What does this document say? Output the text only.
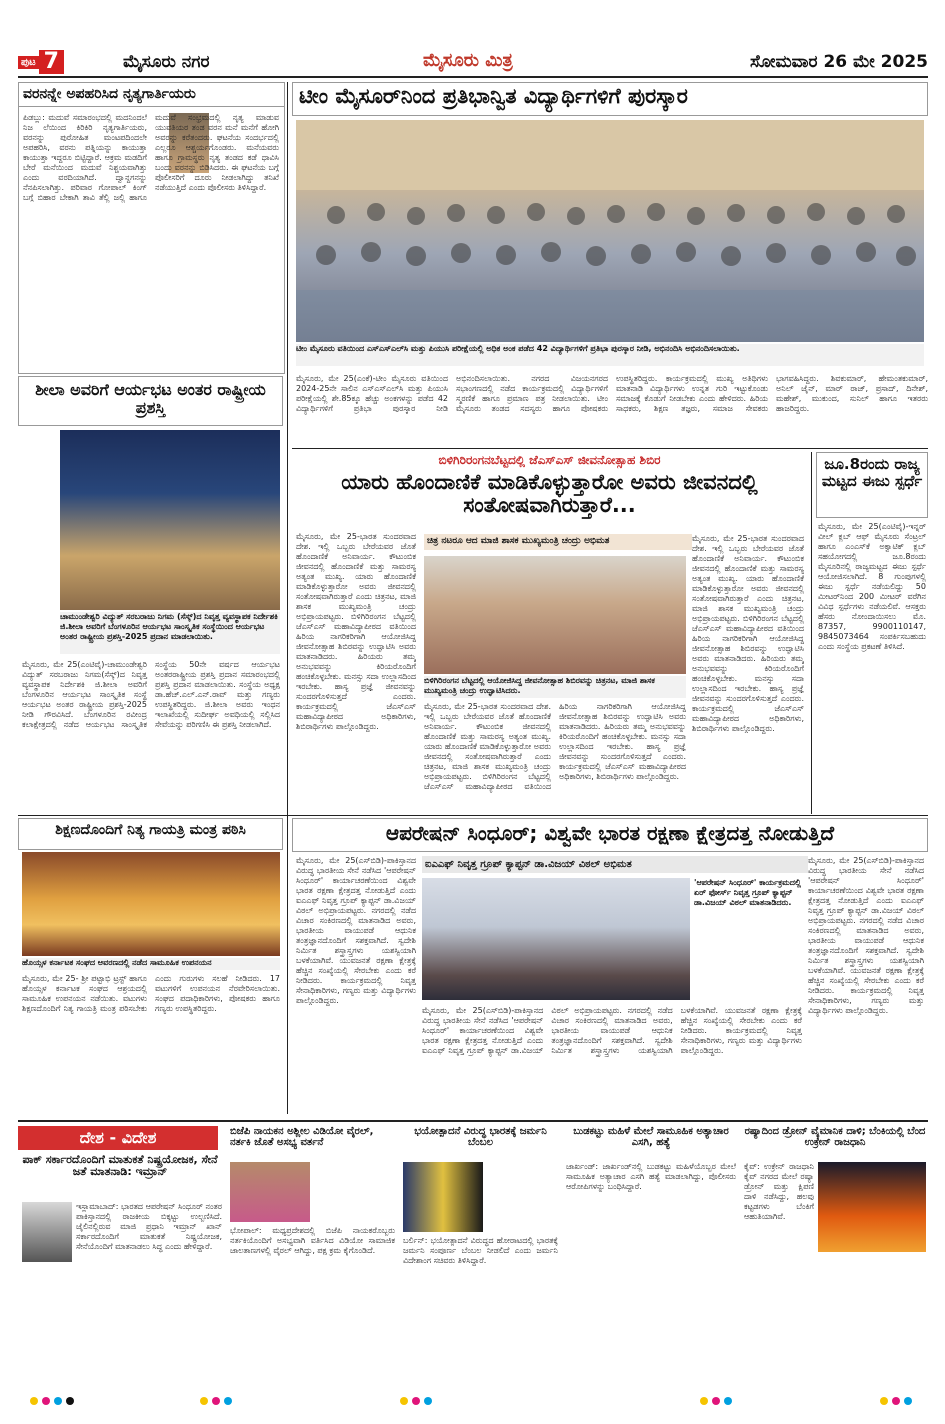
ಪುಟ 7	ಮೈಸೂರು ನಗರ	ಮೈಸೂರು ಮಿತ್ರ	ಸೋಮವಾರ 26 ಮೇ 2025
ವರನನ್ನೇ ಅಪಹರಿಸಿದ ನೃತ್ಯಗಾರ್ತಿಯರು
ಪಿಡಬ್ಲು: ಮದುವೆ ಸಮಾರಂಭದಲ್ಲಿ ಮದನಿಂದಲೆ ನಿಜ ಲೆಯಿಂದ ಕಿರಿಕಿರಿ ನೃತ್ಯಗಾರ್ತಿಯರು, ವರನನ್ನು ಪುರೋಹಿತ ಮಂಟಪದಿಂದಲೇ ಅಪಹರಿಸಿ, ವರನು ಪತ್ನಿಯನ್ನು ಕಾಯುತ್ತಾ ಕಾಯುತ್ತಾ ಇದ್ದರೂ ಬಿಟ್ಟಿದ್ದಾರೆ. ಆಕ್ರಮ ಮಡದಿಗೆ ಬೇರೆ ಮನೆಯಿಂದ ಮದುವೆ ನಿಶ್ಚಯವಾಗಿತ್ತು ಎಂದು ವರದಿಯಾಗಿದೆ. ದ್ವಾನ್ದಗನನ್ನು ನೆನಪಿಸಲಾಗಿತ್ತು. ಪರಿವಾರ ಗೋಪಾಲ್‌ ಕಿಂಗ್‌ ಬಗ್ಗೆ ಬಿಹಾರ ಬೇಕಾಗಿ ತಾವಿ ತೆಲ್ಲಿ ಜಲ್ಲಿ ಹಾಗೂ ಮದುವೆ ಸಂಭ್ರಮದಲ್ಲಿ ನೃತ್ಯ ಮಾಡುವ ಯುವತಿಯರ ತಂಡ ವರನ ಮನೆ ಮನೆಗೆ ಹೋಗಿ ಅವರನ್ನು ಕರೆತಂದರು. ಘಟನೆಯ ಸಂದರ್ಭದಲ್ಲಿ ಎಲ್ಲರೂ ಆಶ್ಚರ್ಯಗೊಂಡರು. ಮನೆಯವರು ಹಾಗೂ ಗ್ರಾಮಸ್ಥರು ನೃತ್ಯ ತಂಡದ ಕಡೆ ಧಾವಿಸಿ ಬಂದು ವರನನ್ನು ಬಿಡಿಸಿದರು. ಈ ಘಟನೆಯ ಬಗ್ಗೆ ಪೊಲೀಸರಿಗೆ ದೂರು ನೀಡಲಾಗಿದ್ದು ತನಿಖೆ ನಡೆಯುತ್ತಿದೆ ಎಂದು ಪೊಲೀಸರು ತಿಳಿಸಿದ್ದಾರೆ.
ಟೀಂ ಮೈಸೂರ್‌ನಿಂದ ಪ್ರತಿಭಾನ್ವಿತ ವಿದ್ಯಾರ್ಥಿಗಳಿಗೆ ಪುರಸ್ಕಾರ
ಟೀಂ ಮೈಸೂರು ವತಿಯಿಂದ ಎಸ್‌ಎಸ್‌ಎಲ್‌ಸಿ ಮತ್ತು ಪಿಯುಸಿ ಪರೀಕ್ಷೆಯಲ್ಲಿ ಅಧಿಕ ಅಂಕ ಪಡೆದ 42 ವಿದ್ಯಾರ್ಥಿಗಳಿಗೆ ಪ್ರತಿಭಾ ಪುರಸ್ಕಾರ ನೀಡಿ, ಅಭಿನಂದಿಸಿ ಅಭಿನಂದಿಸಲಾಯಿತು.
ಮೈಸೂರು, ಮೇ 25(ಎಂಕೆ)-ಟೀಂ ಮೈಸೂರು ವತಿಯಿಂದ 2024-25ನೇ ಸಾಲಿನ ಎಸ್‌ಎಸ್‌ಎಲ್‌ಸಿ ಮತ್ತು ಪಿಯುಸಿ ಪರೀಕ್ಷೆಯಲ್ಲಿ ಶೇ.85ಕ್ಕೂ ಹೆಚ್ಚು ಅಂಕಗಳನ್ನು ಪಡೆದ 42 ವಿದ್ಯಾರ್ಥಿಗಳಿಗೆ ಪ್ರತಿಭಾ ಪುರಸ್ಕಾರ ನೀಡಿ ಅಭಿನಂದಿಸಲಾಯಿತು. ನಗರದ ವಿಜಯನಗರದ ಸಭಾಂಗಣದಲ್ಲಿ ನಡೆದ ಕಾರ್ಯಕ್ರಮದಲ್ಲಿ ವಿದ್ಯಾರ್ಥಿಗಳಿಗೆ ಸ್ಮರಣಿಕೆ ಹಾಗೂ ಪ್ರಮಾಣ ಪತ್ರ ನೀಡಲಾಯಿತು. ಟೀಂ ಮೈಸೂರು ತಂಡದ ಸದಸ್ಯರು ಹಾಗೂ ಪೋಷಕರು ಉಪಸ್ಥಿತರಿದ್ದರು. ಕಾರ್ಯಕ್ರಮದಲ್ಲಿ ಮುಖ್ಯ ಅತಿಥಿಗಳು ಮಾತನಾಡಿ ವಿದ್ಯಾರ್ಥಿಗಳು ಉನ್ನತ ಗುರಿ ಇಟ್ಟುಕೊಂಡು ಸಮಾಜಕ್ಕೆ ಕೊಡುಗೆ ನೀಡಬೇಕು ಎಂದು ಹೇಳಿದರು. ಹಿರಿಯ ಸಾಧಕರು, ಶಿಕ್ಷಣ ತಜ್ಞರು, ಸಮಾಜ ಸೇವಕರು ಭಾಗವಹಿಸಿದ್ದರು. ಶಿವಕುಮಾರ್‌, ಹೇಮಂತಕುಮಾರ್‌, ಅನಿಲ್‌ ಜೈನ್‌, ಮಾರ್‌ ರಾಜ್‌, ಪ್ರಸಾದ್‌, ದಿನೇಶ್‌, ಮಹೇಶ್‌, ಮುಕುಂದ, ಸುನಿಲ್‌ ಹಾಗೂ ಇತರರು ಹಾಜರಿದ್ದರು.
ಶೀಲಾ ಅವರಿಗೆ ಆರ್ಯಭಟ ಅಂತರ ರಾಷ್ಟ್ರೀಯ ಪ್ರಶಸ್ತಿ
ಚಾಮುಂಡೇಶ್ವರಿ ವಿದ್ಯುತ್‌ ಸರಬರಾಜು ನಿಗಮ (ಸೆಸ್ಕ್‌)ದ ನಿವೃತ್ತ ವ್ಯವಸ್ಥಾಪಕ ನಿರ್ದೇಶಕಿ ಜಿ.ಶೀಲಾ ಅವರಿಗೆ ಬೆಂಗಳೂರಿನ ಆರ್ಯಭಟ ಸಾಂಸ್ಕೃತಿಕ ಸಂಸ್ಥೆಯಿಂದ ಆರ್ಯಭಟ ಅಂತರ ರಾಷ್ಟ್ರೀಯ ಪ್ರಶಸ್ತಿ-2025 ಪ್ರದಾನ ಮಾಡಲಾಯಿತು.
ಮೈಸೂರು, ಮೇ 25(ಎಂಟಿವೈ)-ಚಾಮುಂಡೇಶ್ವರಿ ವಿದ್ಯುತ್‌ ಸರಬರಾಜು ನಿಗಮ(ಸೆಸ್ಕ್‌)ದ ನಿವೃತ್ತ ವ್ಯವಸ್ಥಾಪಕ ನಿರ್ದೇಶಕಿ ಜಿ.ಶೀಲಾ ಅವರಿಗೆ ಬೆಂಗಳೂರಿನ ಆರ್ಯಭಟ ಸಾಂಸ್ಕೃತಿಕ ಸಂಸ್ಥೆ ಆರ್ಯಭಟ ಅಂತರ ರಾಷ್ಟ್ರೀಯ ಪ್ರಶಸ್ತಿ-2025 ನೀಡಿ ಗೌರವಿಸಿದೆ. ಬೆಂಗಳೂರಿನ ರವೀಂದ್ರ ಕಲಾಕ್ಷೇತ್ರದಲ್ಲಿ ನಡೆದ ಆರ್ಯಭಟ ಸಾಂಸ್ಕೃತಿಕ ಸಂಸ್ಥೆಯ 50ನೇ ವರ್ಷದ ಆರ್ಯಭಟ ಅಂತರರಾಷ್ಟ್ರೀಯ ಪ್ರಶಸ್ತಿ ಪ್ರದಾನ ಸಮಾರಂಭದಲ್ಲಿ ಪ್ರಶಸ್ತಿ ಪ್ರದಾನ ಮಾಡಲಾಯಿತು. ಸಂಸ್ಥೆಯ ಅಧ್ಯಕ್ಷ ಡಾ.ಹೆಚ್‌.ಎಲ್‌.ಎನ್‌.ರಾವ್‌ ಮತ್ತು ಗಣ್ಯರು ಉಪಸ್ಥಿತರಿದ್ದರು. ಜಿ.ಶೀಲಾ ಅವರು ಇಂಧನ ಇಲಾಖೆಯಲ್ಲಿ ಸುದೀರ್ಘ ಅವಧಿಯಲ್ಲಿ ಸಲ್ಲಿಸಿದ ಸೇವೆಯನ್ನು ಪರಿಗಣಿಸಿ ಈ ಪ್ರಶಸ್ತಿ ನೀಡಲಾಗಿದೆ.
ಬಿಳಿಗಿರಿರಂಗನಬೆಟ್ಟದಲ್ಲಿ ಜೆಎಸ್‌ಎಸ್‌ ಜೀವನೋತ್ಸಾಹ ಶಿಬಿರ
ಯಾರು ಹೊಂದಾಣಿಕೆ ಮಾಡಿಕೊಳ್ಳುತ್ತಾರೋ ಅವರು ಜೀವನದಲ್ಲಿ ಸಂತೋಷವಾಗಿರುತ್ತಾರೆ...
ಮೈಸೂರು, ಮೇ 25-ಭಾರತ ಸುಂದರವಾದ ದೇಶ. ಇಲ್ಲಿ ಒಬ್ಬರು ಬೇರೆಯವರ ಜೊತೆ ಹೊಂದಾಣಿಕೆ ಅನಿವಾರ್ಯ. ಕೌಟುಂಬಿಕ ಜೀವನದಲ್ಲಿ ಹೊಂದಾಣಿಕೆ ಮತ್ತು ಸಾಮರಸ್ಯ ಅತ್ಯಂತ ಮುಖ್ಯ. ಯಾರು ಹೊಂದಾಣಿಕೆ ಮಾಡಿಕೊಳ್ಳುತ್ತಾರೋ ಅವರು ಜೀವನದಲ್ಲಿ ಸಂತೋಷವಾಗಿರುತ್ತಾರೆ ಎಂದು ಚಿತ್ರನಟ, ಮಾಜಿ ಶಾಸಕ ಮುಖ್ಯಮಂತ್ರಿ ಚಂದ್ರು ಅಭಿಪ್ರಾಯಪಟ್ಟರು. ಬಿಳಿಗಿರಿರಂಗನ ಬೆಟ್ಟದಲ್ಲಿ ಜೆಎಸ್‌ಎಸ್‌ ಮಹಾವಿದ್ಯಾಪೀಠದ ವತಿಯಿಂದ ಹಿರಿಯ ನಾಗರಿಕರಿಗಾಗಿ ಆಯೋಜಿಸಿದ್ದ ಜೀವನೋತ್ಸಾಹ ಶಿಬಿರವನ್ನು ಉದ್ಘಾಟಿಸಿ ಅವರು ಮಾತನಾಡಿದರು. ಹಿರಿಯರು ತಮ್ಮ ಅನುಭವವನ್ನು ಕಿರಿಯರೊಂದಿಗೆ ಹಂಚಿಕೊಳ್ಳಬೇಕು. ಮನಸ್ಸು ಸದಾ ಉಲ್ಲಾಸದಿಂದ ಇರಬೇಕು. ಹಾಸ್ಯ ಪ್ರಜ್ಞೆ ಜೀವನವನ್ನು ಸುಂದರಗೊಳಿಸುತ್ತದೆ ಎಂದರು. ಕಾರ್ಯಕ್ರಮದಲ್ಲಿ ಜೆಎಸ್‌ಎಸ್‌ ಮಹಾವಿದ್ಯಾಪೀಠದ ಅಧಿಕಾರಿಗಳು, ಶಿಬಿರಾರ್ಥಿಗಳು ಪಾಲ್ಗೊಂಡಿದ್ದರು.
ಚಿತ್ರ ನಟರೂ ಆದ ಮಾಜಿ ಶಾಸಕ ಮುಖ್ಯಮಂತ್ರಿ ಚಂದ್ರು ಅಭಿಮತ
ಬಿಳಿಗಿರಿರಂಗನ ಬೆಟ್ಟದಲ್ಲಿ ಆಯೋಜಿಸಿದ್ದ ಜೀವನೋತ್ಸಾಹ ಶಿಬಿರವನ್ನು ಚಿತ್ರನಟ, ಮಾಜಿ ಶಾಸಕ ಮುಖ್ಯಮಂತ್ರಿ ಚಂದ್ರು ಉದ್ಘಾಟಿಸಿದರು.
ಮೈಸೂರು, ಮೇ 25-ಭಾರತ ಸುಂದರವಾದ ದೇಶ. ಇಲ್ಲಿ ಒಬ್ಬರು ಬೇರೆಯವರ ಜೊತೆ ಹೊಂದಾಣಿಕೆ ಅನಿವಾರ್ಯ. ಕೌಟುಂಬಿಕ ಜೀವನದಲ್ಲಿ ಹೊಂದಾಣಿಕೆ ಮತ್ತು ಸಾಮರಸ್ಯ ಅತ್ಯಂತ ಮುಖ್ಯ. ಯಾರು ಹೊಂದಾಣಿಕೆ ಮಾಡಿಕೊಳ್ಳುತ್ತಾರೋ ಅವರು ಜೀವನದಲ್ಲಿ ಸಂತೋಷವಾಗಿರುತ್ತಾರೆ ಎಂದು ಚಿತ್ರನಟ, ಮಾಜಿ ಶಾಸಕ ಮುಖ್ಯಮಂತ್ರಿ ಚಂದ್ರು ಅಭಿಪ್ರಾಯಪಟ್ಟರು. ಬಿಳಿಗಿರಿರಂಗನ ಬೆಟ್ಟದಲ್ಲಿ ಜೆಎಸ್‌ಎಸ್‌ ಮಹಾವಿದ್ಯಾಪೀಠದ ವತಿಯಿಂದ ಹಿರಿಯ ನಾಗರಿಕರಿಗಾಗಿ ಆಯೋಜಿಸಿದ್ದ ಜೀವನೋತ್ಸಾಹ ಶಿಬಿರವನ್ನು ಉದ್ಘಾಟಿಸಿ ಅವರು ಮಾತನಾಡಿದರು. ಹಿರಿಯರು ತಮ್ಮ ಅನುಭವವನ್ನು ಕಿರಿಯರೊಂದಿಗೆ ಹಂಚಿಕೊಳ್ಳಬೇಕು. ಮನಸ್ಸು ಸದಾ ಉಲ್ಲಾಸದಿಂದ ಇರಬೇಕು. ಹಾಸ್ಯ ಪ್ರಜ್ಞೆ ಜೀವನವನ್ನು ಸುಂದರಗೊಳಿಸುತ್ತದೆ ಎಂದರು. ಕಾರ್ಯಕ್ರಮದಲ್ಲಿ ಜೆಎಸ್‌ಎಸ್‌ ಮಹಾವಿದ್ಯಾಪೀಠದ ಅಧಿಕಾರಿಗಳು, ಶಿಬಿರಾರ್ಥಿಗಳು ಪಾಲ್ಗೊಂಡಿದ್ದರು.
ಮೈಸೂರು, ಮೇ 25-ಭಾರತ ಸುಂದರವಾದ ದೇಶ. ಇಲ್ಲಿ ಒಬ್ಬರು ಬೇರೆಯವರ ಜೊತೆ ಹೊಂದಾಣಿಕೆ ಅನಿವಾರ್ಯ. ಕೌಟುಂಬಿಕ ಜೀವನದಲ್ಲಿ ಹೊಂದಾಣಿಕೆ ಮತ್ತು ಸಾಮರಸ್ಯ ಅತ್ಯಂತ ಮುಖ್ಯ. ಯಾರು ಹೊಂದಾಣಿಕೆ ಮಾಡಿಕೊಳ್ಳುತ್ತಾರೋ ಅವರು ಜೀವನದಲ್ಲಿ ಸಂತೋಷವಾಗಿರುತ್ತಾರೆ ಎಂದು ಚಿತ್ರನಟ, ಮಾಜಿ ಶಾಸಕ ಮುಖ್ಯಮಂತ್ರಿ ಚಂದ್ರು ಅಭಿಪ್ರಾಯಪಟ್ಟರು. ಬಿಳಿಗಿರಿರಂಗನ ಬೆಟ್ಟದಲ್ಲಿ ಜೆಎಸ್‌ಎಸ್‌ ಮಹಾವಿದ್ಯಾಪೀಠದ ವತಿಯಿಂದ ಹಿರಿಯ ನಾಗರಿಕರಿಗಾಗಿ ಆಯೋಜಿಸಿದ್ದ ಜೀವನೋತ್ಸಾಹ ಶಿಬಿರವನ್ನು ಉದ್ಘಾಟಿಸಿ ಅವರು ಮಾತನಾಡಿದರು. ಹಿರಿಯರು ತಮ್ಮ ಅನುಭವವನ್ನು ಕಿರಿಯರೊಂದಿಗೆ ಹಂಚಿಕೊಳ್ಳಬೇಕು. ಮನಸ್ಸು ಸದಾ ಉಲ್ಲಾಸದಿಂದ ಇರಬೇಕು. ಹಾಸ್ಯ ಪ್ರಜ್ಞೆ ಜೀವನವನ್ನು ಸುಂದರಗೊಳಿಸುತ್ತದೆ ಎಂದರು. ಕಾರ್ಯಕ್ರಮದಲ್ಲಿ ಜೆಎಸ್‌ಎಸ್‌ ಮಹಾವಿದ್ಯಾಪೀಠದ ಅಧಿಕಾರಿಗಳು, ಶಿಬಿರಾರ್ಥಿಗಳು ಪಾಲ್ಗೊಂಡಿದ್ದರು.
ಜೂ.8ರಂದು ರಾಜ್ಯ ಮಟ್ಟದ ಈಜು ಸ್ಪರ್ಧೆ
ಮೈಸೂರು, ಮೇ 25(ಎಂಟಿವೈ)-ಇನ್ನರ್‌ ವೀಲ್‌ ಕ್ಲಬ್‌ ಆಫ್‌ ಮೈಸೂರು ಸೆಂಟ್ರಲ್‌ ಹಾಗೂ ಎಂಎಸ್‌ಕೆ ಅಕ್ವಾಟಿಕ್‌ ಕ್ಲಬ್‌ ಸಹಯೋಗದಲ್ಲಿ ಜೂ.8ರಂದು ಮೈಸೂರಿನಲ್ಲಿ ರಾಜ್ಯಮಟ್ಟದ ಈಜು ಸ್ಪರ್ಧೆ ಆಯೋಜಿಸಲಾಗಿದೆ. 8 ಗುಂಪುಗಳಲ್ಲಿ ಈಜು ಸ್ಪರ್ಧೆ ನಡೆಯಲಿದ್ದು 50 ಮೀಟರ್‌ನಿಂದ 200 ಮೀಟರ್‌ ವರೆಗಿನ ವಿವಿಧ ಸ್ಪರ್ಧೆಗಳು ನಡೆಯಲಿವೆ. ಆಸಕ್ತರು ಹೆಸರು ನೋಂದಾಯಿಸಲು ಮೊ. 87357, 9900110147, 9845073464 ಸಂಪರ್ಕಿಸಬಹುದು ಎಂದು ಸಂಸ್ಥೆಯ ಪ್ರಕಟಣೆ ತಿಳಿಸಿದೆ.
ಶಿಕ್ಷಣದೊಂದಿಗೆ ನಿತ್ಯ ಗಾಯತ್ರಿ ಮಂತ್ರ ಪಠಿಸಿ
ಹೊಯ್ಸಳ ಕರ್ನಾಟಕ ಸಂಘದ ಆವರಣದಲ್ಲಿ ನಡೆದ ಸಾಮೂಹಿಕ ಉಪನಯನ
ಮೈಸೂರು, ಮೇ 25- ಶ್ರೀ ಪಟ್ಟಾಭಿ ಟ್ರಸ್ಟ್‌ ಹಾಗೂ ಹೊಯ್ಸಳ ಕರ್ನಾಟಕ ಸಂಘದ ಆಶ್ರಯದಲ್ಲಿ ಸಾಮೂಹಿಕ ಉಪನಯನ ನಡೆಯಿತು. ವಟುಗಳು ಶಿಕ್ಷಣದೊಂದಿಗೆ ನಿತ್ಯ ಗಾಯತ್ರಿ ಮಂತ್ರ ಪಠಿಸಬೇಕು ಎಂದು ಗುರುಗಳು ಸಲಹೆ ನೀಡಿದರು. 17 ವಟುಗಳಿಗೆ ಉಪನಯನ ನೆರವೇರಿಸಲಾಯಿತು. ಸಂಘದ ಪದಾಧಿಕಾರಿಗಳು, ಪೋಷಕರು ಹಾಗೂ ಗಣ್ಯರು ಉಪಸ್ಥಿತರಿದ್ದರು.
ಆಪರೇಷನ್‌ ಸಿಂಧೂರ್‌; ವಿಶ್ವವೇ ಭಾರತ ರಕ್ಷಣಾ ಕ್ಷೇತ್ರದತ್ತ ನೋಡುತ್ತಿದೆ
ಮೈಸೂರು, ಮೇ 25(ಎಸ್‌ಬಿಡಿ)-ಪಾಕಿಸ್ತಾನದ ವಿರುದ್ಧ ಭಾರತೀಯ ಸೇನೆ ನಡೆಸಿದ 'ಆಪರೇಷನ್‌ ಸಿಂಧೂರ್‌' ಕಾರ್ಯಾಚರಣೆಯಿಂದ ವಿಶ್ವವೇ ಭಾರತ ರಕ್ಷಣಾ ಕ್ಷೇತ್ರದತ್ತ ನೋಡುತ್ತಿದೆ ಎಂದು ಐಎಎಫ್‌ ನಿವೃತ್ತ ಗ್ರೂಪ್‌ ಕ್ಯಾಪ್ಟನ್‌ ಡಾ.ವಿಜಯ್‌ ವಿಠಲ್‌ ಅಭಿಪ್ರಾಯಪಟ್ಟರು. ನಗರದಲ್ಲಿ ನಡೆದ ವಿಚಾರ ಸಂಕಿರಣದಲ್ಲಿ ಮಾತನಾಡಿದ ಅವರು, ಭಾರತೀಯ ವಾಯುಪಡೆ ಆಧುನಿಕ ತಂತ್ರಜ್ಞಾನದೊಂದಿಗೆ ಸಶಕ್ತವಾಗಿದೆ. ಸ್ವದೇಶಿ ನಿರ್ಮಿತ ಶಸ್ತ್ರಾಸ್ತ್ರಗಳು ಯಶಸ್ವಿಯಾಗಿ ಬಳಕೆಯಾಗಿವೆ. ಯುವಜನತೆ ರಕ್ಷಣಾ ಕ್ಷೇತ್ರಕ್ಕೆ ಹೆಚ್ಚಿನ ಸಂಖ್ಯೆಯಲ್ಲಿ ಸೇರಬೇಕು ಎಂದು ಕರೆ ನೀಡಿದರು. ಕಾರ್ಯಕ್ರಮದಲ್ಲಿ ನಿವೃತ್ತ ಸೇನಾಧಿಕಾರಿಗಳು, ಗಣ್ಯರು ಮತ್ತು ವಿದ್ಯಾರ್ಥಿಗಳು ಪಾಲ್ಗೊಂಡಿದ್ದರು.
ಐಎಎಫ್‌ ನಿವೃತ್ತ ಗ್ರೂಪ್‌ ಕ್ಯಾಪ್ಟನ್‌ ಡಾ.ವಿಜಯ್‌ ವಿಠಲ್‌ ಅಭಿಮತ
'ಆಪರೇಷನ್‌ ಸಿಂಧೂರ್‌' ಕಾರ್ಯಕ್ರಮದಲ್ಲಿ ಏರ್‌ ಫೋರ್ಸ್‌ ನಿವೃತ್ತ ಗ್ರೂಪ್‌ ಕ್ಯಾಪ್ಟನ್‌ ಡಾ.ವಿಜಯ್‌ ವಿಠಲ್‌ ಮಾತನಾಡಿದರು.
ಮೈಸೂರು, ಮೇ 25(ಎಸ್‌ಬಿಡಿ)-ಪಾಕಿಸ್ತಾನದ ವಿರುದ್ಧ ಭಾರತೀಯ ಸೇನೆ ನಡೆಸಿದ 'ಆಪರೇಷನ್‌ ಸಿಂಧೂರ್‌' ಕಾರ್ಯಾಚರಣೆಯಿಂದ ವಿಶ್ವವೇ ಭಾರತ ರಕ್ಷಣಾ ಕ್ಷೇತ್ರದತ್ತ ನೋಡುತ್ತಿದೆ ಎಂದು ಐಎಎಫ್‌ ನಿವೃತ್ತ ಗ್ರೂಪ್‌ ಕ್ಯಾಪ್ಟನ್‌ ಡಾ.ವಿಜಯ್‌ ವಿಠಲ್‌ ಅಭಿಪ್ರಾಯಪಟ್ಟರು. ನಗರದಲ್ಲಿ ನಡೆದ ವಿಚಾರ ಸಂಕಿರಣದಲ್ಲಿ ಮಾತನಾಡಿದ ಅವರು, ಭಾರತೀಯ ವಾಯುಪಡೆ ಆಧುನಿಕ ತಂತ್ರಜ್ಞಾನದೊಂದಿಗೆ ಸಶಕ್ತವಾಗಿದೆ. ಸ್ವದೇಶಿ ನಿರ್ಮಿತ ಶಸ್ತ್ರಾಸ್ತ್ರಗಳು ಯಶಸ್ವಿಯಾಗಿ ಬಳಕೆಯಾಗಿವೆ. ಯುವಜನತೆ ರಕ್ಷಣಾ ಕ್ಷೇತ್ರಕ್ಕೆ ಹೆಚ್ಚಿನ ಸಂಖ್ಯೆಯಲ್ಲಿ ಸೇರಬೇಕು ಎಂದು ಕರೆ ನೀಡಿದರು. ಕಾರ್ಯಕ್ರಮದಲ್ಲಿ ನಿವೃತ್ತ ಸೇನಾಧಿಕಾರಿಗಳು, ಗಣ್ಯರು ಮತ್ತು ವಿದ್ಯಾರ್ಥಿಗಳು ಪಾಲ್ಗೊಂಡಿದ್ದರು.
ಮೈಸೂರು, ಮೇ 25(ಎಸ್‌ಬಿಡಿ)-ಪಾಕಿಸ್ತಾನದ ವಿರುದ್ಧ ಭಾರತೀಯ ಸೇನೆ ನಡೆಸಿದ 'ಆಪರೇಷನ್‌ ಸಿಂಧೂರ್‌' ಕಾರ್ಯಾಚರಣೆಯಿಂದ ವಿಶ್ವವೇ ಭಾರತ ರಕ್ಷಣಾ ಕ್ಷೇತ್ರದತ್ತ ನೋಡುತ್ತಿದೆ ಎಂದು ಐಎಎಫ್‌ ನಿವೃತ್ತ ಗ್ರೂಪ್‌ ಕ್ಯಾಪ್ಟನ್‌ ಡಾ.ವಿಜಯ್‌ ವಿಠಲ್‌ ಅಭಿಪ್ರಾಯಪಟ್ಟರು. ನಗರದಲ್ಲಿ ನಡೆದ ವಿಚಾರ ಸಂಕಿರಣದಲ್ಲಿ ಮಾತನಾಡಿದ ಅವರು, ಭಾರತೀಯ ವಾಯುಪಡೆ ಆಧುನಿಕ ತಂತ್ರಜ್ಞಾನದೊಂದಿಗೆ ಸಶಕ್ತವಾಗಿದೆ. ಸ್ವದೇಶಿ ನಿರ್ಮಿತ ಶಸ್ತ್ರಾಸ್ತ್ರಗಳು ಯಶಸ್ವಿಯಾಗಿ ಬಳಕೆಯಾಗಿವೆ. ಯುವಜನತೆ ರಕ್ಷಣಾ ಕ್ಷೇತ್ರಕ್ಕೆ ಹೆಚ್ಚಿನ ಸಂಖ್ಯೆಯಲ್ಲಿ ಸೇರಬೇಕು ಎಂದು ಕರೆ ನೀಡಿದರು. ಕಾರ್ಯಕ್ರಮದಲ್ಲಿ ನಿವೃತ್ತ ಸೇನಾಧಿಕಾರಿಗಳು, ಗಣ್ಯರು ಮತ್ತು ವಿದ್ಯಾರ್ಥಿಗಳು ಪಾಲ್ಗೊಂಡಿದ್ದರು.
ದೇಶ - ವಿದೇಶ
ಪಾಕ್‌ ಸರ್ಕಾರದೊಂದಿಗೆ ಮಾತುಕತೆ ನಿಷ್ಪ್ರಯೋಜಕ, ಸೇನೆ ಜತೆ ಮಾತನಾಡಿ: ಇಮ್ರಾನ್‌
ಇಸ್ಲಾಮಾಬಾದ್‌: ಭಾರತದ ಆಪರೇಷನ್‌ ಸಿಂಧೂರ್‌ ನಂತರ ಪಾಕಿಸ್ತಾನದಲ್ಲಿ ರಾಜಕೀಯ ಬಿಕ್ಕಟ್ಟು ಉಲ್ಬಣಿಸಿದೆ. ಜೈಲಿನಲ್ಲಿರುವ ಮಾಜಿ ಪ್ರಧಾನಿ ಇಮ್ರಾನ್‌ ಖಾನ್‌ ಸರ್ಕಾರದೊಂದಿಗೆ ಮಾತುಕತೆ ನಿಷ್ಪ್ರಯೋಜಕ, ಸೇನೆಯೊಂದಿಗೆ ಮಾತನಾಡಲು ಸಿದ್ಧ ಎಂದು ಹೇಳಿದ್ದಾರೆ.
ಬಿಜೆಪಿ ನಾಯಕನ ಅಶ್ಲೀಲ ವಿಡಿಯೋ ವೈರಲ್‌, ನರ್ತಕಿ ಜೊತೆ ಅಸಭ್ಯ ವರ್ತನೆ
ಭೋಪಾಲ್‌: ಮಧ್ಯಪ್ರದೇಶದಲ್ಲಿ ಬಿಜೆಪಿ ನಾಯಕರೊಬ್ಬರು ನರ್ತಕಿಯೊಂದಿಗೆ ಅಸಭ್ಯವಾಗಿ ವರ್ತಿಸಿದ ವಿಡಿಯೋ ಸಾಮಾಜಿಕ ಜಾಲತಾಣಗಳಲ್ಲಿ ವೈರಲ್‌ ಆಗಿದ್ದು, ಪಕ್ಷ ಕ್ರಮ ಕೈಗೊಂಡಿದೆ.
ಭಯೋತ್ಪಾದನೆ ವಿರುದ್ಧ ಭಾರತಕ್ಕೆ ಜರ್ಮನಿ ಬೆಂಬಲ
ಬರ್ಲಿನ್‌: ಭಯೋತ್ಪಾದನೆ ವಿರುದ್ಧದ ಹೋರಾಟದಲ್ಲಿ ಭಾರತಕ್ಕೆ ಜರ್ಮನಿ ಸಂಪೂರ್ಣ ಬೆಂಬಲ ನೀಡಲಿದೆ ಎಂದು ಜರ್ಮನಿ ವಿದೇಶಾಂಗ ಸಚಿವರು ತಿಳಿಸಿದ್ದಾರೆ.
ಬುಡಕಟ್ಟು ಮಹಿಳೆ ಮೇಲೆ ಸಾಮೂಹಿಕ ಅತ್ಯಾಚಾರ ಎಸಗಿ, ಹತ್ಯೆ
ಜಾರ್ಖಂಡ್‌: ಜಾರ್ಖಂಡ್‌ನಲ್ಲಿ ಬುಡಕಟ್ಟು ಮಹಿಳೆಯೊಬ್ಬರ ಮೇಲೆ ಸಾಮೂಹಿಕ ಅತ್ಯಾಚಾರ ಎಸಗಿ ಹತ್ಯೆ ಮಾಡಲಾಗಿದ್ದು, ಪೊಲೀಸರು ಆರೋಪಿಗಳನ್ನು ಬಂಧಿಸಿದ್ದಾರೆ.
ರಷ್ಯಾದಿಂದ ಡ್ರೋನ್‌ ವೈಮಾನಿಕ ದಾಳಿ; ಬೆಂಕಿಯಲ್ಲಿ ಬೆಂದ ಉಕ್ರೇನ್‌ ರಾಜಧಾನಿ
ಕೈವ್‌: ಉಕ್ರೇನ್‌ ರಾಜಧಾನಿ ಕೈವ್‌ ನಗರದ ಮೇಲೆ ರಷ್ಯಾ ಡ್ರೋನ್‌ ಮತ್ತು ಕ್ಷಿಪಣಿ ದಾಳಿ ನಡೆಸಿದ್ದು, ಹಲವು ಕಟ್ಟಡಗಳು ಬೆಂಕಿಗೆ ಆಹುತಿಯಾಗಿವೆ.
